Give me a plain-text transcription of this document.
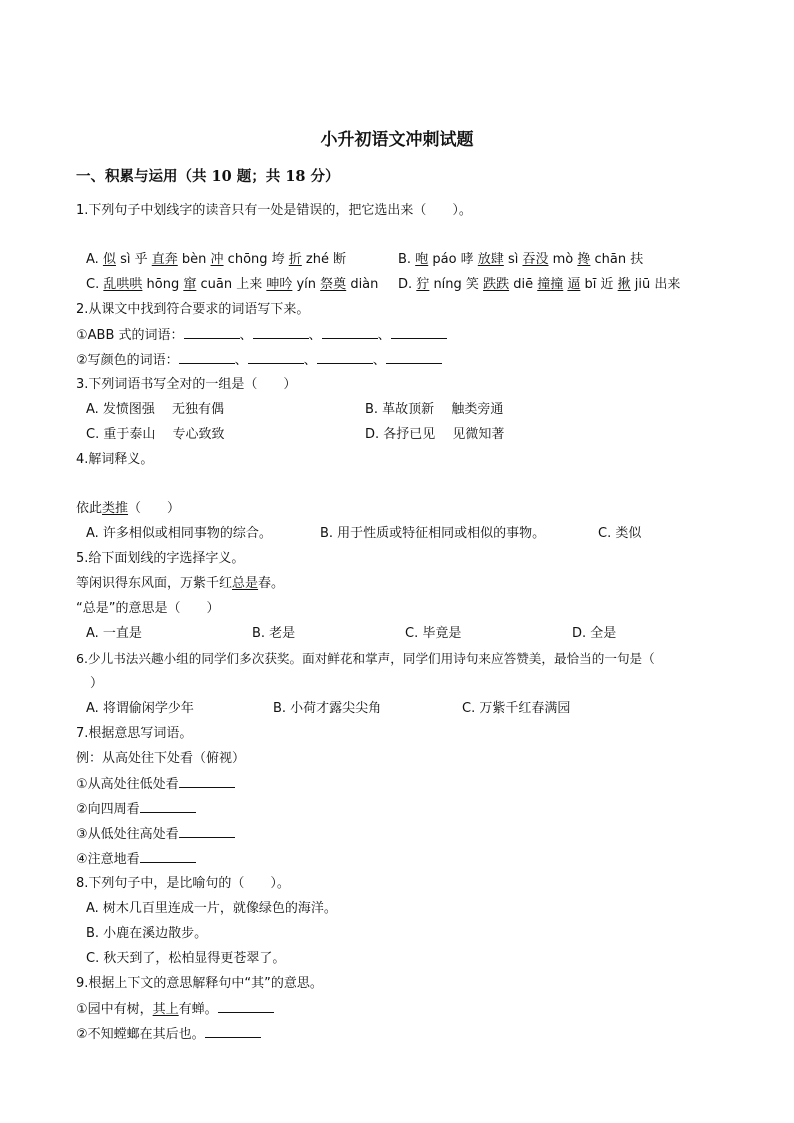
小升初语文冲刺试题
一、积累与运用（共 10 题；共 18 分）
1.下列句子中划线字的读音只有一处是错误的，把它选出来（　　）。
A. 似 sì 乎 直奔 bèn 冲 chōng 垮 折 zhé 断	B. 咆 páo 哮 放肆 sì 吞没 mò 搀 chān 扶
C. 乱哄哄 hōng 窜 cuān 上来 呻吟 yín 祭奠 diàn D. 狞 níng 笑 跌跌 diē 撞撞 逼 bī 近 揪 jiū 出来
2.从课文中找到符合要求的词语写下来。
①ABB 式的词语：	、	、	、
②写颜色的词语：	、	、	、
3.下列词语书写全对的一组是（　　）
A. 发愤图强　 无独有偶	B. 革故顶新　 触类旁通
C. 重于泰山　 专心致致	D. 各抒已见　 见微知著
4.解词释义。
依此类推（　　）
A. 许多相似或相同事物的综合。	B. 用于性质或特征相同或相似的事物。	C. 类似
5.给下面划线的字选择字义。
等闲识得东风面，万紫千红总是春。
“总是”的意思是（　　）
A. 一直是	B. 老是	C. 毕竟是	D. 全是
6.少儿书法兴趣小组的同学们多次获奖。面对鲜花和掌声，同学们用诗句来应答赞美，最恰当的一句是（
）
A. 将谓偷闲学少年	B. 小荷才露尖尖角	C. 万紫千红春满园
7.根据意思写词语。
例：从高处往下处看（俯视）
①从高处往低处看
②向四周看
③从低处往高处看
④注意地看
8.下列句子中，是比喻句的（　　）。
A. 树木几百里连成一片，就像绿色的海洋。
B. 小鹿在溪边散步。
C. 秋天到了，松柏显得更苍翠了。
9.根据上下文的意思解释句中“其”的意思。
①园中有树，其上有蝉。
②不知螳螂在其后也。
